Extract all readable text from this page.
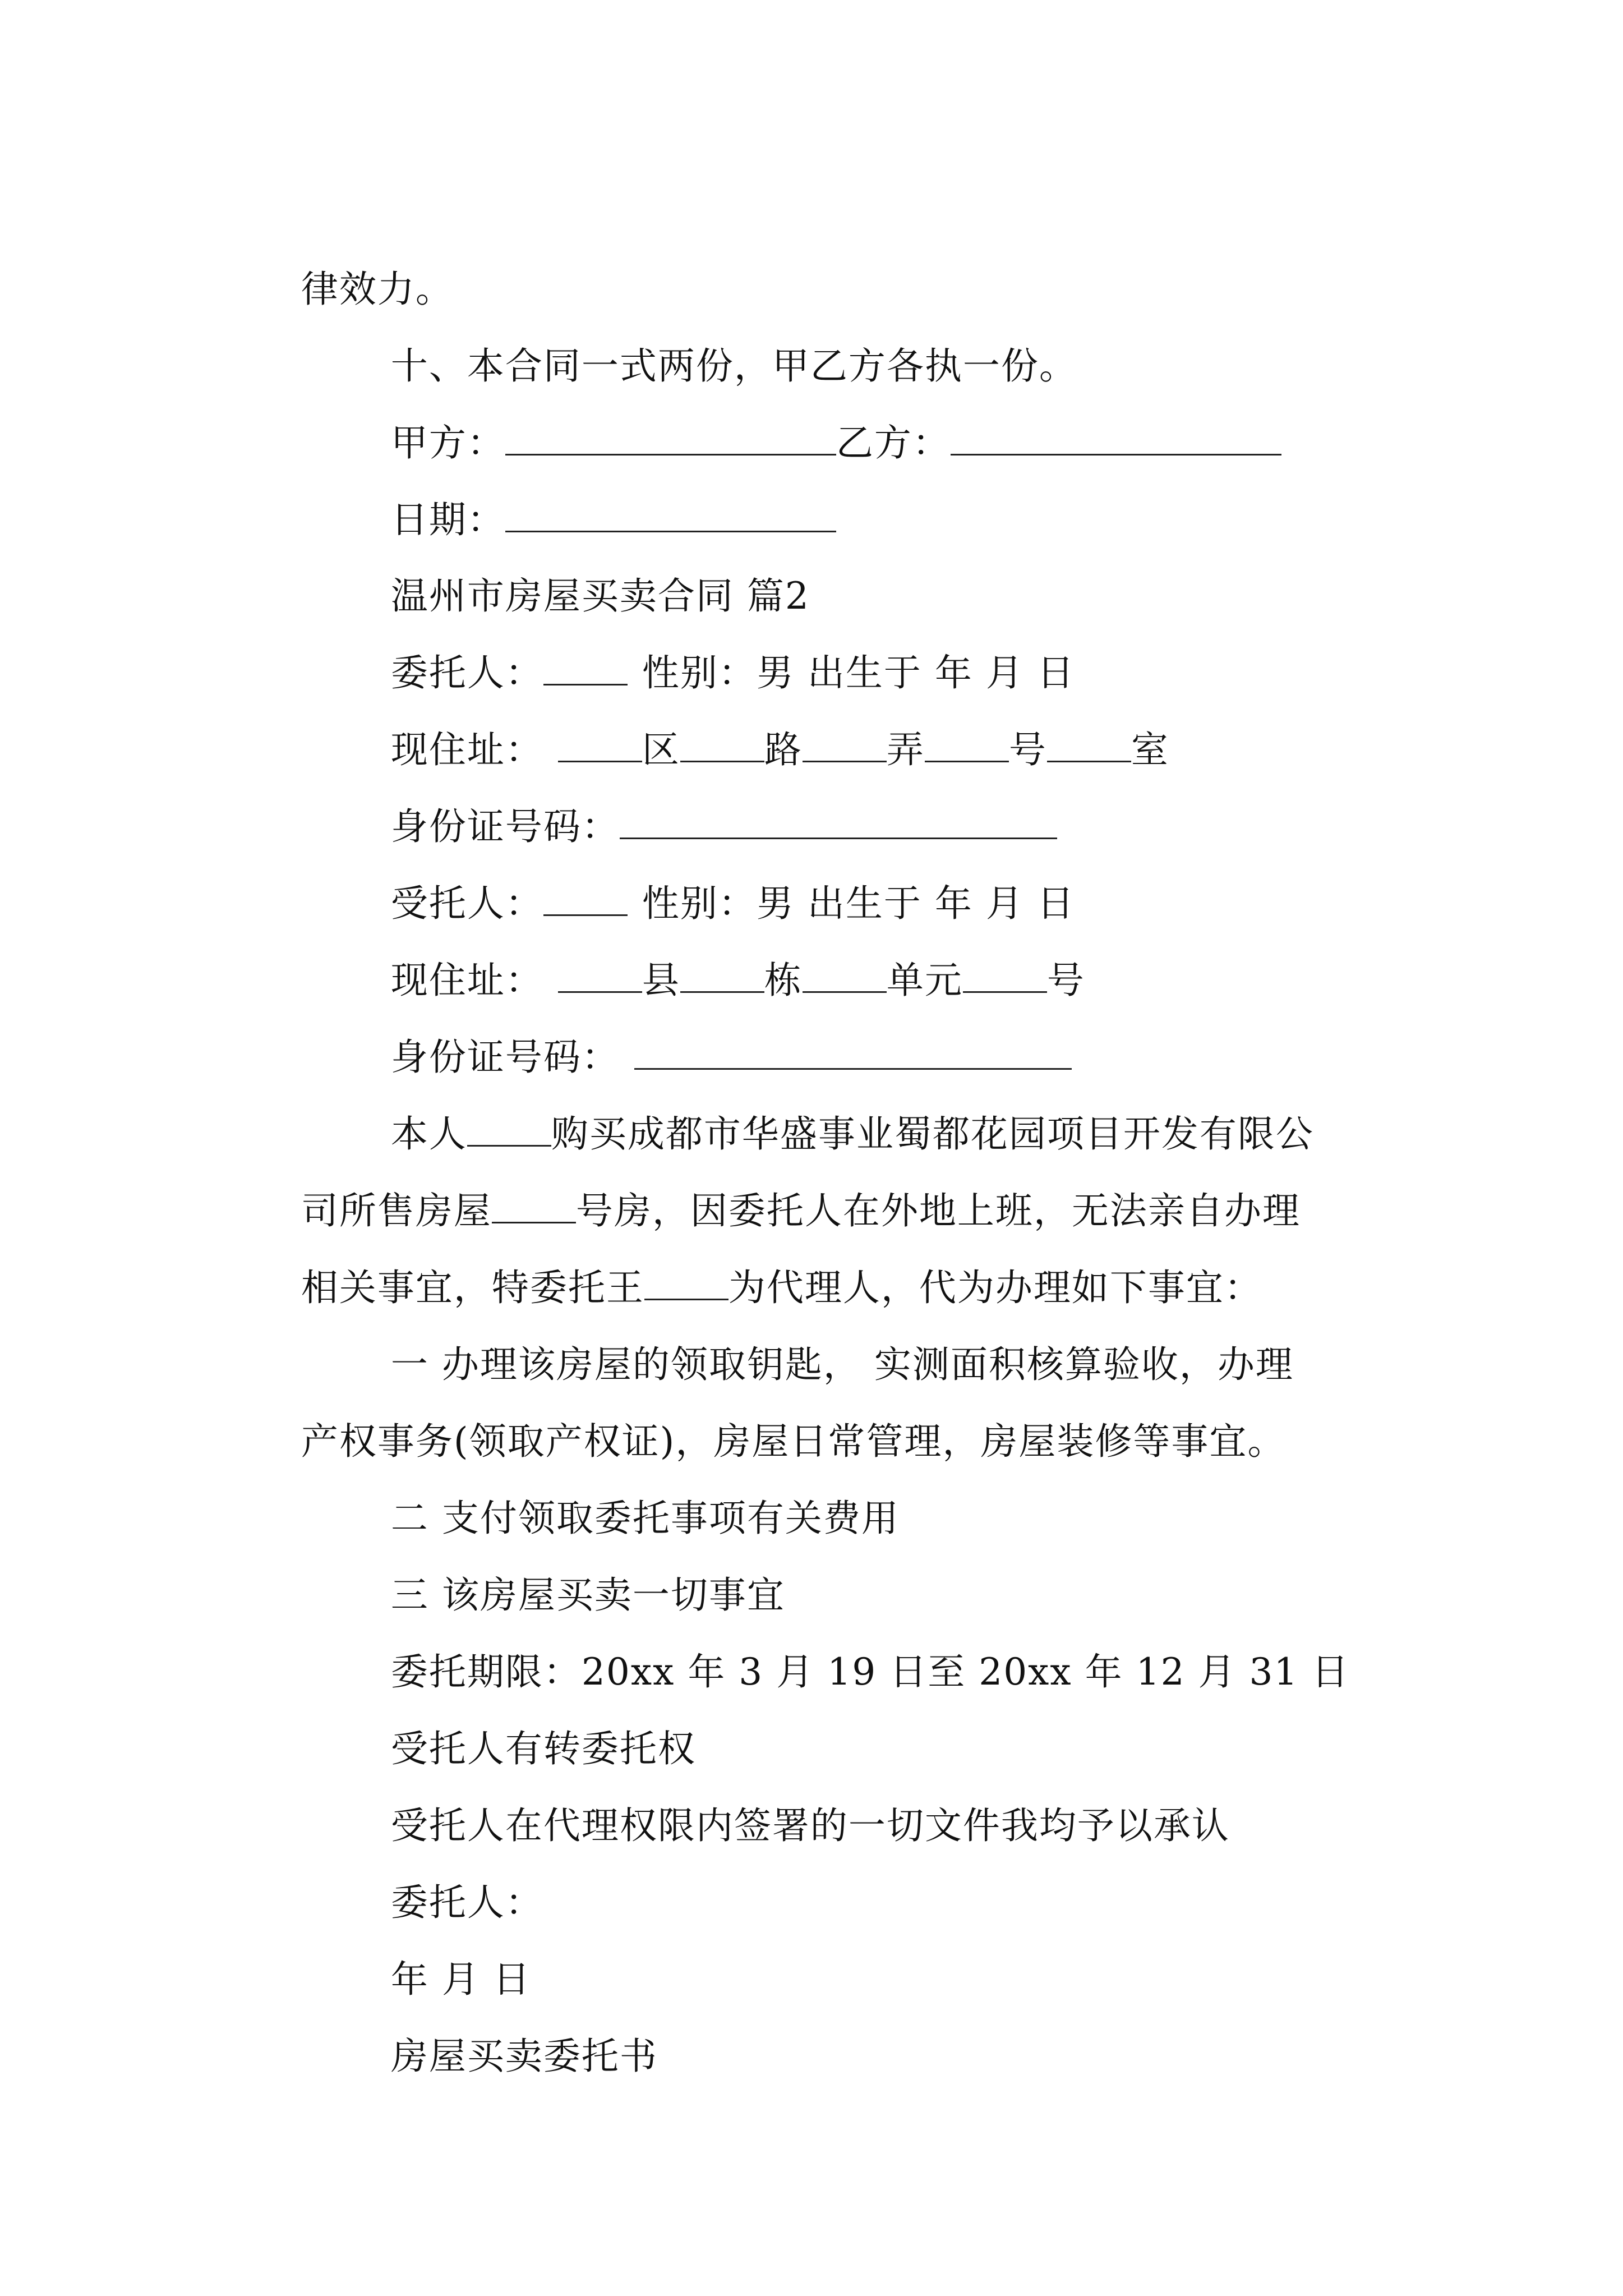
律效力。

十、本合同一式两份，甲乙方各执一份。

甲方：	乙方：

日期：

温州市房屋买卖合同 篇2

委托人：	性别：男 出生于 年 月 日

现住址：	区 路 弄 号 室

身份证号码：

受托人：	性别：男 出生于 年 月 日

现住址：	县 栋 单元 号

身份证号码：

本人 购买成都市华盛事业蜀都花园项目开发有限公

司所售房屋 号房，因委托人在外地上班，无法亲自办理

相关事宜，特委托王 为代理人，代为办理如下事宜：

一 办理该房屋的领取钥匙， 实测面积核算验收，办理

产权事务(领取产权证)，房屋日常管理，房屋装修等事宜。

二 支付领取委托事项有关费用

三 该房屋买卖一切事宜

委托期限：20xx 年 3 月 19 日至 20xx 年 12 月 31 日

受托人有转委托权

受托人在代理权限内签署的一切文件我均予以承认

委托人：

年 月 日

房屋买卖委托书
